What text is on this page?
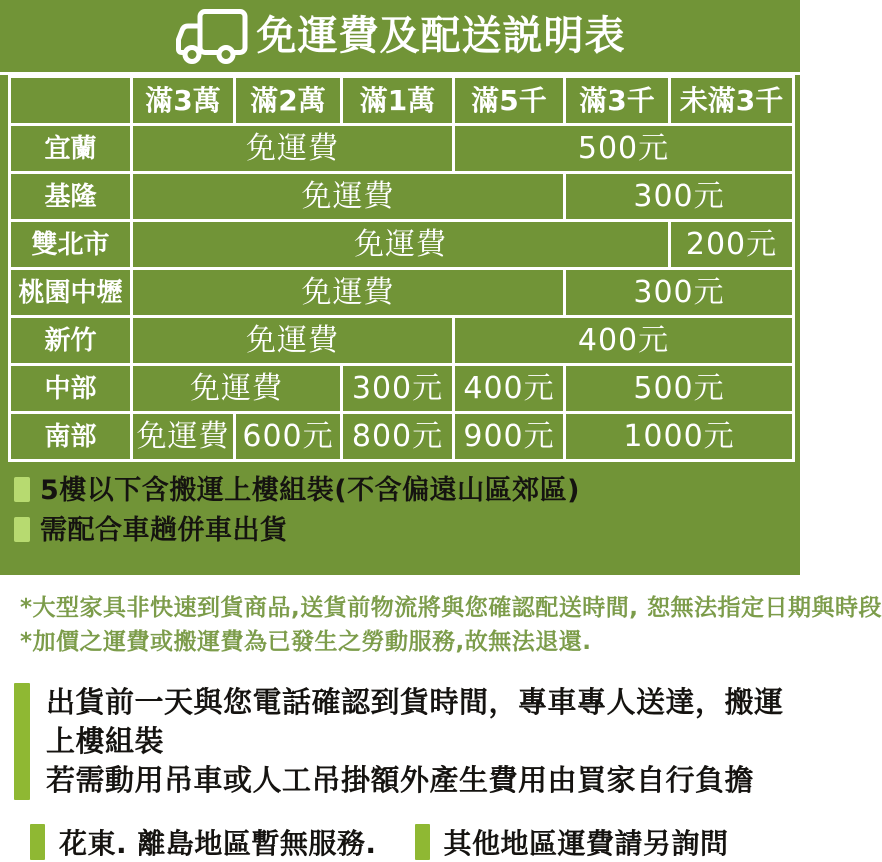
免運費及配送説明表
	滿3萬	滿2萬	滿1萬	滿5千	滿3千	未滿3千
宜蘭	免運費			500元		
基隆	免運費				300元	
雙北市	免運費					200元
桃園中壢	免運費				300元	
新竹	免運費			400元		
中部	免運費		300元	400元	500元	
南部	免運費	600元	800元	900元	1000元	
5樓以下含搬運上樓組裝(不含偏遠山區郊區)
需配合車趟併車出貨
*大型家具非快速到貨商品,送貨前物流將與您確認配送時間, 恕無法指定日期與時段
*加價之運費或搬運費為已發生之勞動服務,故無法退還.
出貨前一天與您電話確認到貨時間，專車專人送達，搬運上樓組裝
若需動用吊車或人工吊掛額外產生費用由買家自行負擔
花東. 離島地區暫無服務. 其他地區運費請另詢問
